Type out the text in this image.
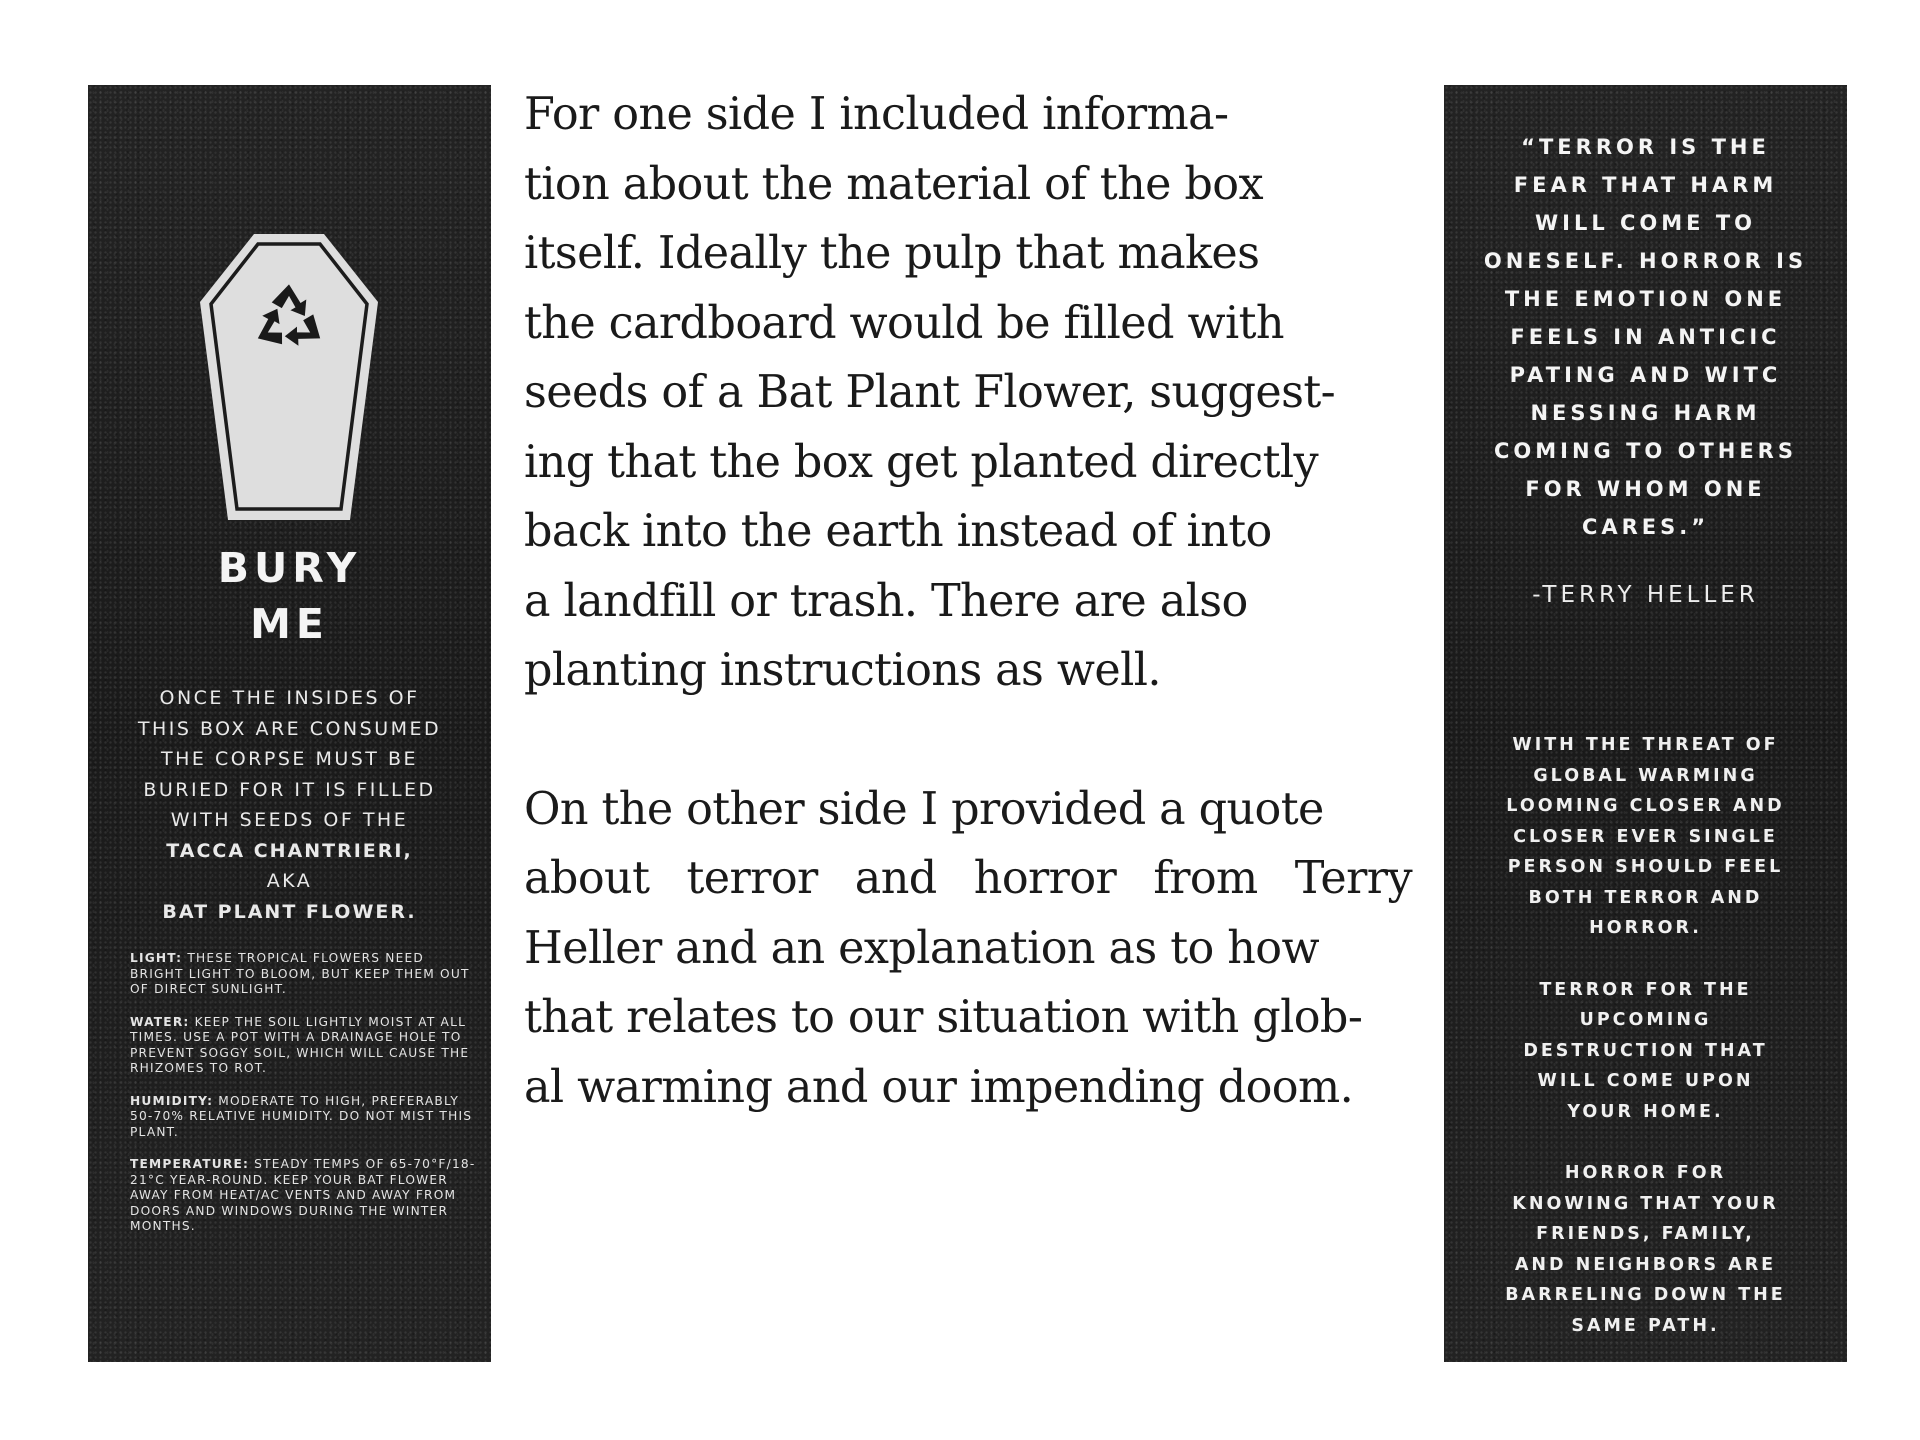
BURY
ME
ONCE THE INSIDES OF
THIS BOX ARE CONSUMED
THE CORPSE MUST BE
BURIED FOR IT IS FILLED
WITH SEEDS OF THE
TACCA CHANTRIERI,
AKA
BAT PLANT FLOWER.

LIGHT: THESE TROPICAL FLOWERS NEED BRIGHT LIGHT TO BLOOM, BUT KEEP THEM OUT OF DIRECT SUNLIGHT.

WATER: KEEP THE SOIL LIGHTLY MOIST AT ALL TIMES. USE A POT WITH A DRAINAGE HOLE TO PREVENT SOGGY SOIL, WHICH WILL CAUSE THE RHIZOMES TO ROT.

HUMIDITY: MODERATE TO HIGH, PREFERABLY 50-70% RELATIVE HUMIDITY. DO NOT MIST THIS PLANT.

TEMPERATURE: STEADY TEMPS OF 65-70°F/18-21°C YEAR-ROUND. KEEP YOUR BAT FLOWER AWAY FROM HEAT/AC VENTS AND AWAY FROM DOORS AND WINDOWS DURING THE WINTER MONTHS.

For one side I included informa-
tion about the material of the box
itself. Ideally the pulp that makes
the cardboard would be filled with
seeds of a Bat Plant Flower, suggest-
ing that the box get planted directly
back into the earth instead of into
a landfill or trash. There are also
planting instructions as well.
On the other side I provided a quote
about terror and horror from Terry
Heller and an explanation as to how
that relates to our situation with glob-
al warming and our impending doom.
“TERROR IS THE
FEAR THAT HARM
WILL COME TO
ONESELF. HORROR IS
THE EMOTION ONE
FEELS IN ANTICIC
PATING AND WITC
NESSING HARM
COMING TO OTHERS
FOR WHOM ONE
CARES.”
-TERRY HELLER
WITH THE THREAT OF
GLOBAL WARMING
LOOMING CLOSER AND
CLOSER EVER SINGLE
PERSON SHOULD FEEL
BOTH TERROR AND
HORROR.
TERROR FOR THE
UPCOMING
DESTRUCTION THAT
WILL COME UPON
YOUR HOME.
HORROR FOR
KNOWING THAT YOUR
FRIENDS, FAMILY,
AND NEIGHBORS ARE
BARRELING DOWN THE
SAME PATH.
